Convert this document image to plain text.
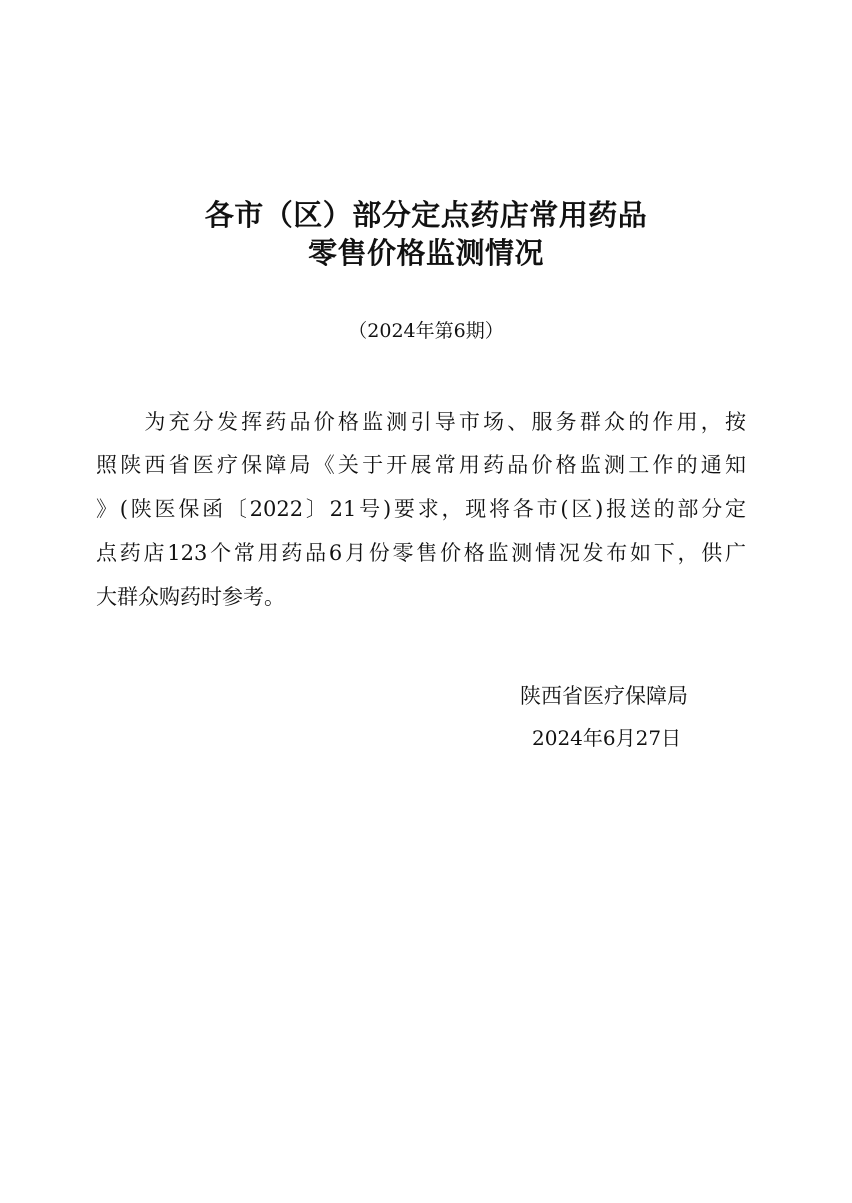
各市（区）部分定点药店常用药品
零售价格监测情况
（2024年第6期）
　　为充分发挥药品价格监测引导市场、服务群众的作用，按
照陕西省医疗保障局《关于开展常用药品价格监测工作的通知
》(陕医保函〔2022〕21号)要求，现将各市(区)报送的部分定
点药店123个常用药品6月份零售价格监测情况发布如下，供广
大群众购药时参考。
陕西省医疗保障局
2024年6月27日
